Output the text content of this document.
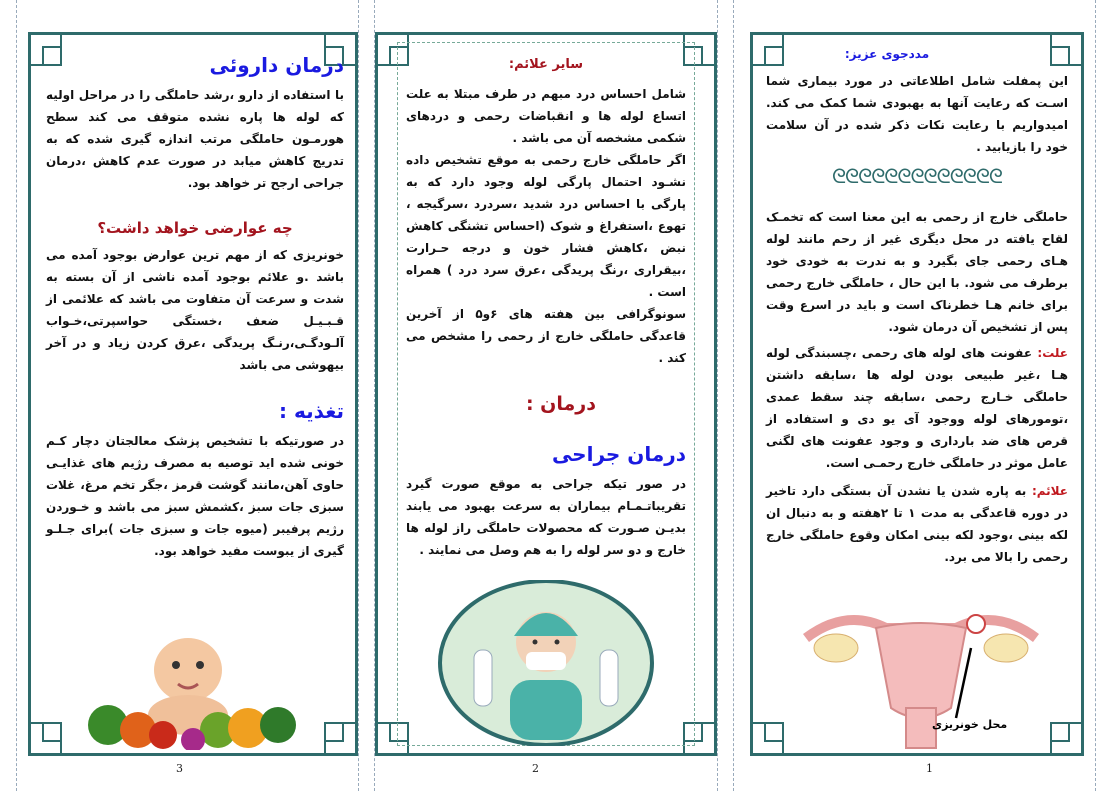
درمان داروئی

با استفاده از دارو ،رشد حاملگی را در مراحل اولیه که لوله ها پاره نشده متوقف می کند سطح هورمـون حاملگی مرتب اندازه گیری شده که به تدریج کاهش میابد در صورت عدم کاهش ،درمان جراحی ارجح تر خواهد بود.

چه عوارضی خواهد داشت؟

خونریزی که از مهم ترین عوارض بوجود آمده می باشد .و علائم بوجود آمده ناشی از آن بسته به شدت و سرعت آن متفاوت می باشد که علائمی از قـبـیـل ضعف ،خستگی حواسپرتی،خـواب آلـودگـی،رنـگ پریدگی ،عرق کردن زیاد و در آخر بیهوشی می باشد

تغذیه :

در صورتیکه با تشخیص پزشک معالجتان دچار کـم خونی شده اید توصیه به مصرف رژیم های غذایـی حاوی آهن،مانند گوشت قرمز ،جگر تخم مرغ، غلات سبزی جات سبز ،کشمش سبز می باشد و خـوردن رژیم پرفیبر (میوه جات و سبزی جات )برای جـلـو گیری از یبوست مفید خواهد بود.

3
سایر علائم:

شامل احساس درد مبهم در طرف مبتلا به علت اتساع لوله ها و انقباضات رحمی و دردهای شکمی مشخصه آن می باشد .

اگر حاملگی خارج رحمی به موقع تشخیص داده نشـود احتمال پارگی لوله وجود دارد که به پارگی با احساس درد شدید ،سردرد ،سرگیجه ، تهوع ،استفراغ و شوک (احساس تشنگی کاهش نبض ،کاهش فشار خون و درجه حـرارت ،بیقراری ،رنگ پریدگی ،عرق سرد درد ) همراه است .

سونوگرافی بین هفته های ۶و۵ از آخرین قاعدگی حاملگی خارج از رحمی را مشخص می کند .

درمان :
درمان جراحی

در صور تیکه جراحی به موقع صورت گیرد تقریباتـمـام بیماران به سرعت بهبود می یابند بدیـن صـورت که محصولات حاملگی راز لوله ها خارج و دو سر لوله را به هم وصل می نمایند .

2
مددجوی عزیز:

این پمفلت شامل اطلاعاتی در مورد بیماری شما اسـت که رعایت آنها به بهبودی شما کمک می کند. امیدواریم با رعایت نکات ذکر شده در آن سلامت خود را بازیابید .

ᘓᘓᘓᘓᘓᘓᘓᘓᘓᘓᘓᘓᘓ

حاملگی خارج از رحمی به این معنا است که تخمـک لقاح یافته در محل دیگری غیر از رحم مانند لوله هـای رحمی جای بگیرد و به ندرت به خودی خود برطرف می شود. با این حال ، حاملگی خارج رحمی برای خانم هـا خطرناک است و باید در اسرع وقت پس از تشخیص آن درمان شود.

علت: عفونت های لوله های رحمی ،چسبندگی لوله هـا ،غیر طبیعی بودن لوله ها ،سابقه داشتن حاملگی خـارج رحمی ،سابقه چند سقط عمدی ،تومورهای لوله ووجود آی یو دی و استفاده از قرص های ضد بارداری و وجود عفونت های لگنی عامل موثر در حاملگی خارج رحمـی است.

علائم: به پاره شدن یا نشدن آن بستگی دارد تاخیر در دوره قاعدگی به مدت ۱ تا ۲هفته و به دنبال ان لکه بینی ،وجود لکه بینی امکان وقوع حاملگی خارج رحمی را بالا می برد.

محل خونریزی
1
